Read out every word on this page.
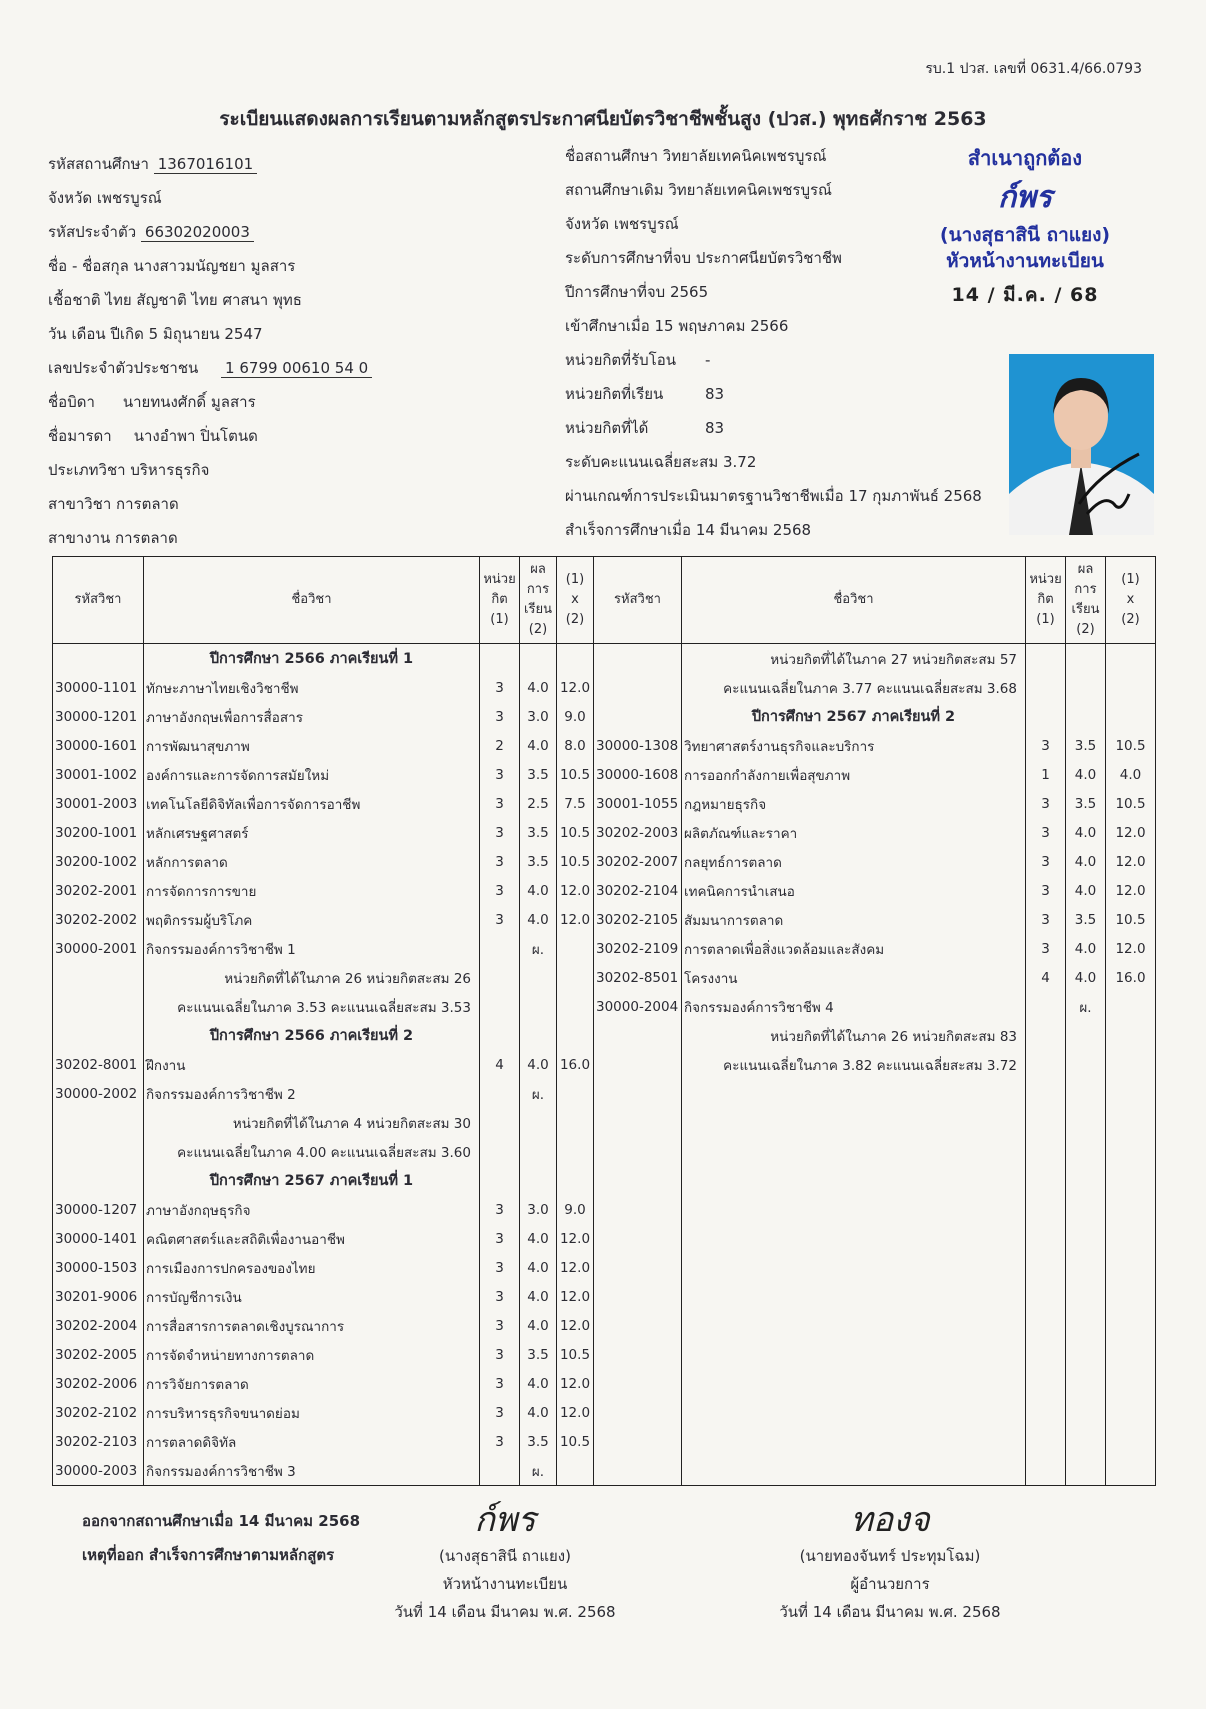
รบ.1 ปวส. เลขที่ 0631.4/66.0793
ระเบียนแสดงผลการเรียนตามหลักสูตรประกาศนียบัตรวิชาชีพชั้นสูง (ปวส.) พุทธศักราช 2563
รหัสสถานศึกษา 1367016101
จังหวัด เพชรบูรณ์
รหัสประจำตัว 66302020003
ชื่อ - ชื่อสกุล นางสาวมนัญชยา มูลสาร
เชื้อชาติ ไทย สัญชาติ ไทย ศาสนา พุทธ
วัน เดือน ปีเกิด 5 มิถุนายน 2547
เลขประจำตัวประชาชน 1 6799 00610 54 0
ชื่อบิดา นายทนงศักดิ์ มูลสาร
ชื่อมารดา นางอำพา ปิ่นโตนด
ประเภทวิชา บริหารธุรกิจ
สาขาวิชา การตลาด
สาขางาน การตลาด
ชื่อสถานศึกษา วิทยาลัยเทคนิคเพชรบูรณ์
สถานศึกษาเดิม วิทยาลัยเทคนิคเพชรบูรณ์
จังหวัด เพชรบูรณ์
ระดับการศึกษาที่จบ ประกาศนียบัตรวิชาชีพ
ปีการศึกษาที่จบ 2565
เข้าศึกษาเมื่อ 15 พฤษภาคม 2566
หน่วยกิตที่รับโอน -
หน่วยกิตที่เรียน	83
หน่วยกิตที่ได้	83
ระดับคะแนนเฉลี่ยสะสม 3.72
ผ่านเกณฑ์การประเมินมาตรฐานวิชาชีพเมื่อ 17 กุมภาพันธ์ 2568
สำเร็จการศึกษาเมื่อ 14 มีนาคม 2568
สำเนาถูกต้อง
ก์พร
(นางสุธาสินี ถาแยง)
หัวหน้างานทะเบียน
14 / มี.ค. / 68
รหัสวิชา	ชื่อวิชา	หน่วย
กิต
(1)	ผล
การ
เรียน
(2)	(1)
x
(2)	รหัสวิชา	ชื่อวิชา	หน่วย
กิต
(1)	ผล
การ
เรียน
(2)	(1)
x
(2)
	ปีการศึกษา 2566 ภาคเรียนที่ 1					หน่วยกิตที่ได้ในภาค 27 หน่วยกิตสะสม 57			
30000-1101	ทักษะภาษาไทยเชิงวิชาชีพ	3	4.0	12.0		คะแนนเฉลี่ยในภาค 3.77 คะแนนเฉลี่ยสะสม 3.68			
30000-1201	ภาษาอังกฤษเพื่อการสื่อสาร	3	3.0	9.0		ปีการศึกษา 2567 ภาคเรียนที่ 2			
30000-1601	การพัฒนาสุขภาพ	2	4.0	8.0	30000-1308	วิทยาศาสตร์งานธุรกิจและบริการ	3	3.5	10.5
30001-1002	องค์การและการจัดการสมัยใหม่	3	3.5	10.5	30000-1608	การออกกำลังกายเพื่อสุขภาพ	1	4.0	4.0
30001-2003	เทคโนโลยีดิจิทัลเพื่อการจัดการอาชีพ	3	2.5	7.5	30001-1055	กฎหมายธุรกิจ	3	3.5	10.5
30200-1001	หลักเศรษฐศาสตร์	3	3.5	10.5	30202-2003	ผลิตภัณฑ์และราคา	3	4.0	12.0
30200-1002	หลักการตลาด	3	3.5	10.5	30202-2007	กลยุทธ์การตลาด	3	4.0	12.0
30202-2001	การจัดการการขาย	3	4.0	12.0	30202-2104	เทคนิคการนำเสนอ	3	4.0	12.0
30202-2002	พฤติกรรมผู้บริโภค	3	4.0	12.0	30202-2105	สัมมนาการตลาด	3	3.5	10.5
30000-2001	กิจกรรมองค์การวิชาชีพ 1		ผ.		30202-2109	การตลาดเพื่อสิ่งแวดล้อมและสังคม	3	4.0	12.0
	หน่วยกิตที่ได้ในภาค 26 หน่วยกิตสะสม 26				30202-8501	โครงงาน	4	4.0	16.0
	คะแนนเฉลี่ยในภาค 3.53 คะแนนเฉลี่ยสะสม 3.53				30000-2004	กิจกรรมองค์การวิชาชีพ 4		ผ.	
	ปีการศึกษา 2566 ภาคเรียนที่ 2					หน่วยกิตที่ได้ในภาค 26 หน่วยกิตสะสม 83			
30202-8001	ฝึกงาน	4	4.0	16.0		คะแนนเฉลี่ยในภาค 3.82 คะแนนเฉลี่ยสะสม 3.72			
30000-2002	กิจกรรมองค์การวิชาชีพ 2		ผ.						
	หน่วยกิตที่ได้ในภาค 4 หน่วยกิตสะสม 30								
	คะแนนเฉลี่ยในภาค 4.00 คะแนนเฉลี่ยสะสม 3.60								
	ปีการศึกษา 2567 ภาคเรียนที่ 1								
30000-1207	ภาษาอังกฤษธุรกิจ	3	3.0	9.0					
30000-1401	คณิตศาสตร์และสถิติเพื่องานอาชีพ	3	4.0	12.0					
30000-1503	การเมืองการปกครองของไทย	3	4.0	12.0					
30201-9006	การบัญชีการเงิน	3	4.0	12.0					
30202-2004	การสื่อสารการตลาดเชิงบูรณาการ	3	4.0	12.0					
30202-2005	การจัดจำหน่ายทางการตลาด	3	3.5	10.5					
30202-2006	การวิจัยการตลาด	3	4.0	12.0					
30202-2102	การบริหารธุรกิจขนาดย่อม	3	4.0	12.0					
30202-2103	การตลาดดิจิทัล	3	3.5	10.5					
30000-2003	กิจกรรมองค์การวิชาชีพ 3		ผ.						
ออกจากสถานศึกษาเมื่อ 14 มีนาคม 2568
เหตุที่ออก สำเร็จการศึกษาตามหลักสูตร
ก์พร
(นางสุธาสินี ถาแยง)
หัวหน้างานทะเบียน
วันที่ 14 เดือน มีนาคม พ.ศ. 2568
ทองจ
(นายทองจันทร์ ประทุมโฉม)
ผู้อำนวยการ
วันที่ 14 เดือน มีนาคม พ.ศ. 2568
